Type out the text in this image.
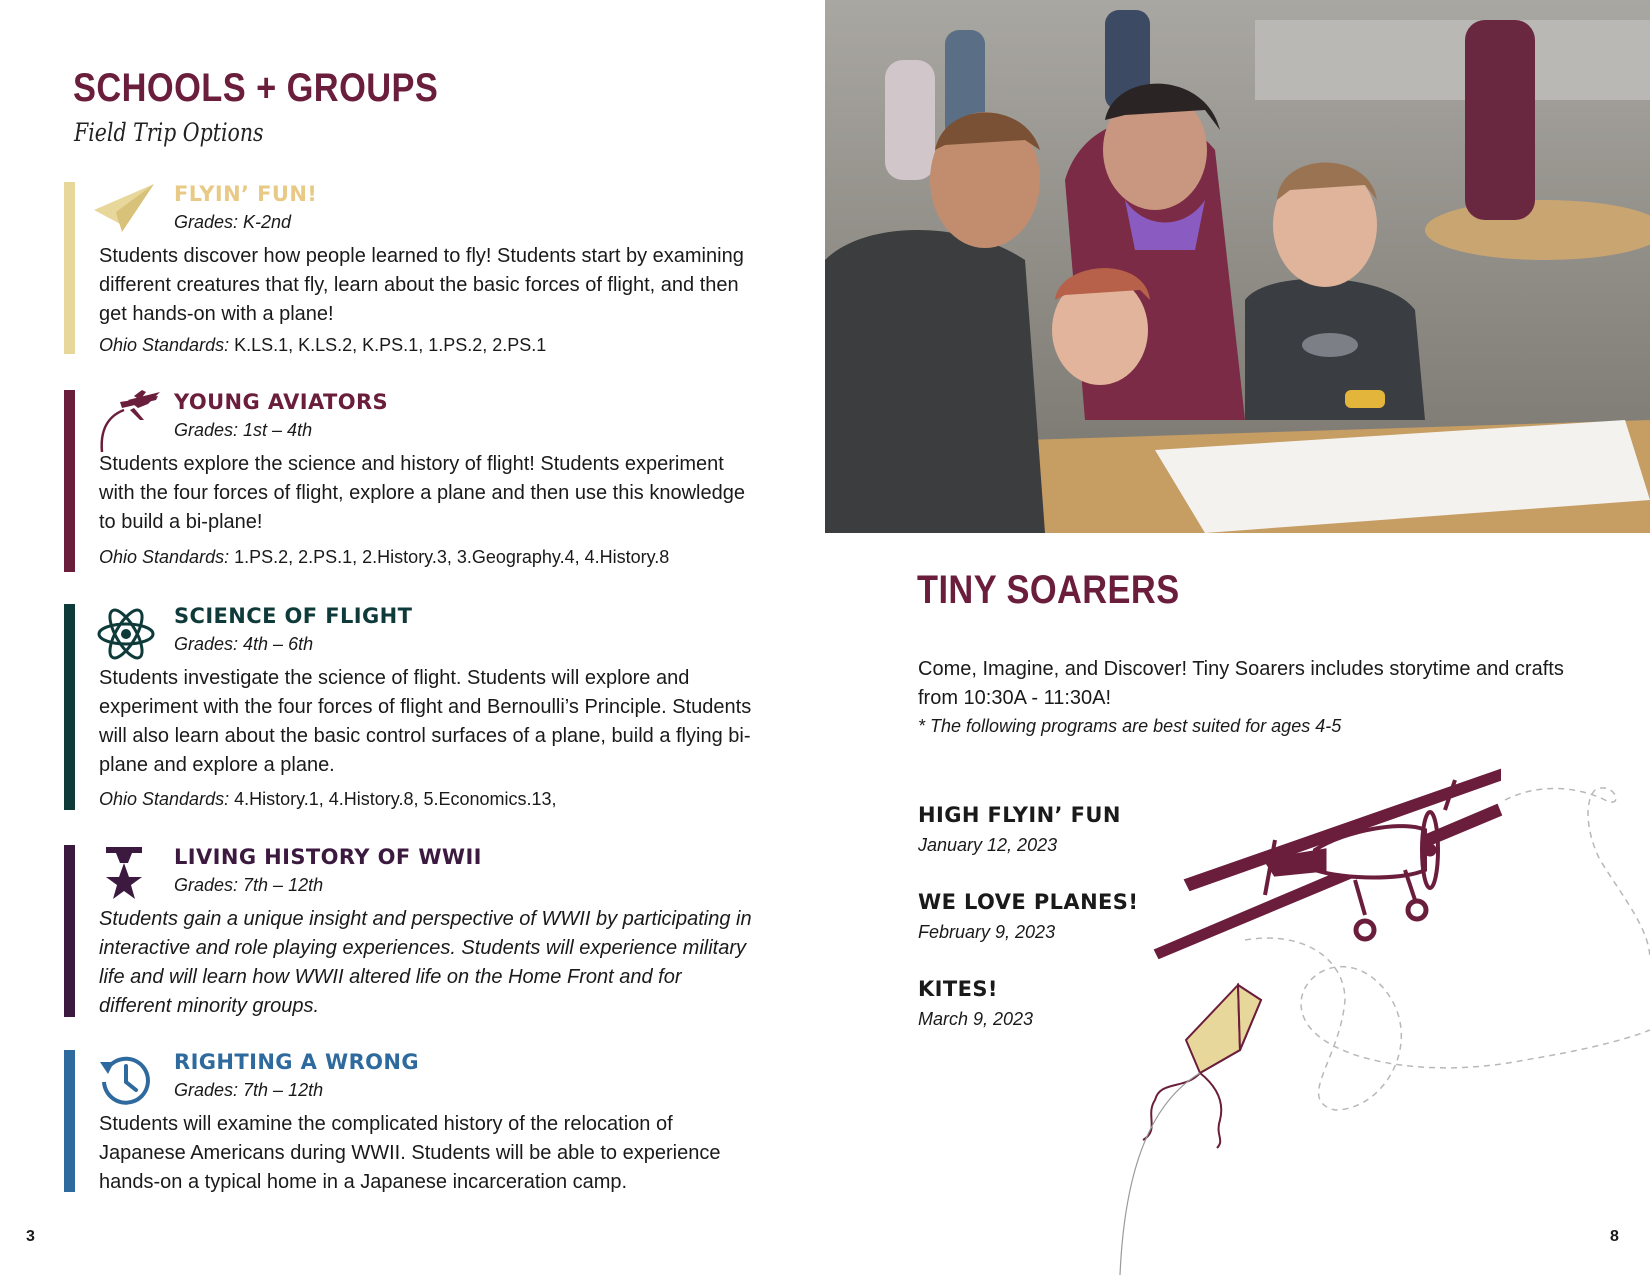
SCHOOLS + GROUPS
Field Trip Options
FLYIN’ FUN!
Grades: K-2nd

Students discover how people learned to fly! Students start by examining different creatures that fly, learn about the basic forces of flight, and then get hands-on with a plane!

Ohio Standards: K.LS.1, K.LS.2, K.PS.1, 1.PS.2, 2.PS.1
YOUNG AVIATORS
Grades: 1st – 4th

Students explore the science and history of flight! Students experiment with the four forces of flight, explore a plane and then use this knowledge to build a bi-plane!

Ohio Standards: 1.PS.2, 2.PS.1, 2.History.3, 3.Geography.4, 4.History.8
SCIENCE OF FLIGHT
Grades: 4th – 6th

Students investigate the science of flight. Students will explore and experiment with the four forces of flight and Bernoulli’s Principle. Students will also learn about the basic control surfaces of a plane, build a flying bi-plane and explore a plane.

Ohio Standards: 4.History.1, 4.History.8, 5.Economics.13,
LIVING HISTORY OF WWII
Grades: 7th – 12th

Students gain a unique insight and perspective of WWII by participating in interactive and role playing experiences. Students will experience military life and will learn how WWII altered life on the Home Front and for different minority groups.

RIGHTING A WRONG
Grades: 7th – 12th

Students will examine the complicated history of the relocation of Japanese Americans during WWII. Students will be able to experience hands-on a typical home in a Japanese incarceration camp.

3
TINY SOARERS

Come, Imagine, and Discover! Tiny Soarers includes storytime and crafts from 10:30A - 11:30A!

* The following programs are best suited for ages 4-5

HIGH FLYIN’ FUN
January 12, 2023
WE LOVE PLANES!
February 9, 2023
KITES!
March 9, 2023
8
